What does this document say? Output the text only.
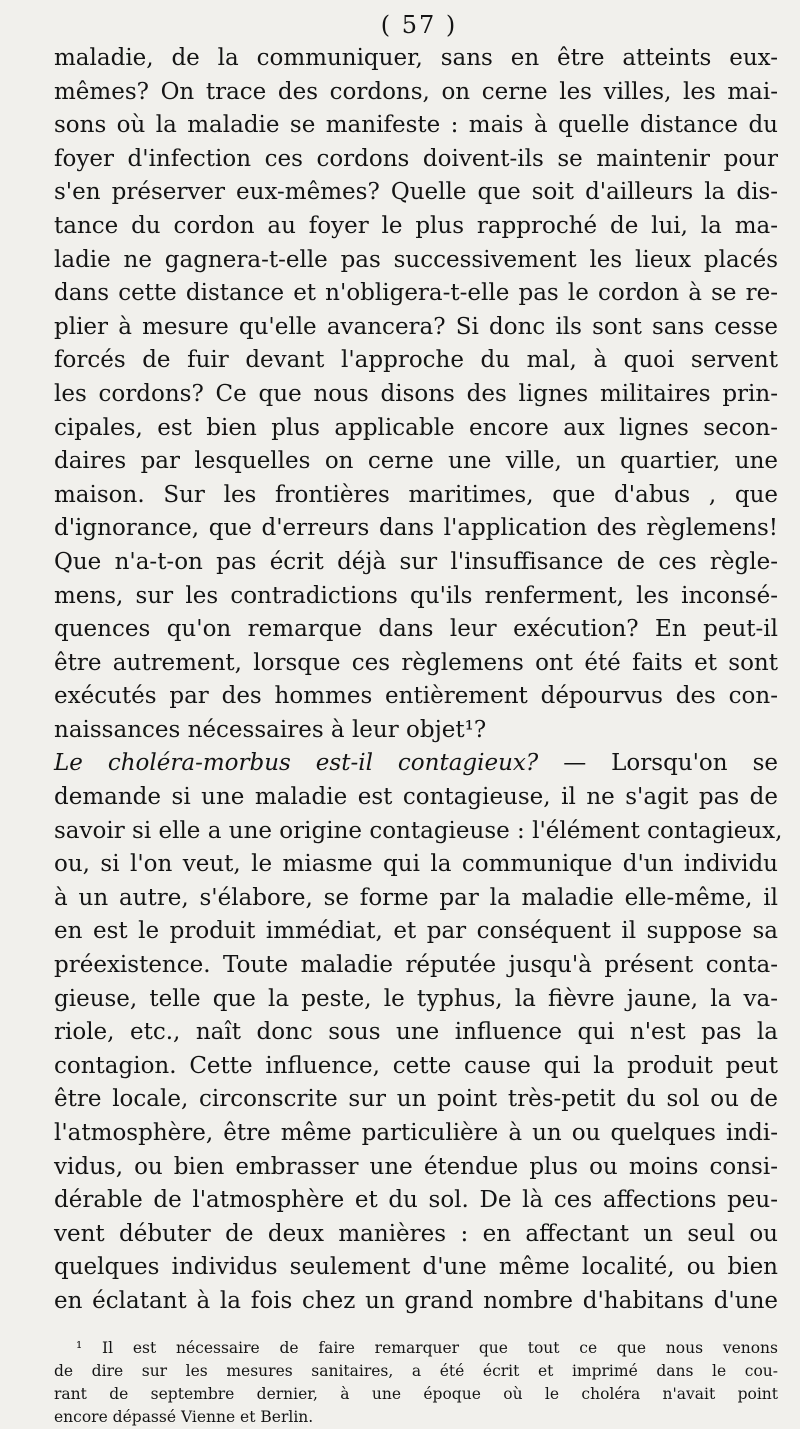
( 57 )
maladie, de la communiquer, sans en être atteints eux-
mêmes? On trace des cordons, on cerne les villes, les mai-
sons où la maladie se manifeste : mais à quelle distance du
foyer d'infection ces cordons doivent-ils se maintenir pour
s'en préserver eux-mêmes? Quelle que soit d'ailleurs la dis-
tance du cordon au foyer le plus rapproché de lui, la ma-
ladie ne gagnera-t-elle pas successivement les lieux placés
dans cette distance et n'obligera-t-elle pas le cordon à se re-
plier à mesure qu'elle avancera? Si donc ils sont sans cesse
forcés de fuir devant l'approche du mal, à quoi servent
les cordons? Ce que nous disons des lignes militaires prin-
cipales, est bien plus applicable encore aux lignes secon-
daires par lesquelles on cerne une ville, un quartier, une
maison. Sur les frontières maritimes, que d'abus , que
d'ignorance, que d'erreurs dans l'application des règlemens!
Que n'a-t-on pas écrit déjà sur l'insuffisance de ces règle-
mens, sur les contradictions qu'ils renferment, les inconsé-
quences qu'on remarque dans leur exécution? En peut-il
être autrement, lorsque ces règlemens ont été faits et sont
exécutés par des hommes entièrement dépourvus des con-
naissances nécessaires à leur objet¹?
Le choléra-morbus est-il contagieux? — Lorsqu'on se
demande si une maladie est contagieuse, il ne s'agit pas de
savoir si elle a une origine contagieuse : l'élément contagieux,
ou, si l'on veut, le miasme qui la communique d'un individu
à un autre, s'élabore, se forme par la maladie elle-même, il
en est le produit immédiat, et par conséquent il suppose sa
préexistence. Toute maladie réputée jusqu'à présent conta-
gieuse, telle que la peste, le typhus, la fièvre jaune, la va-
riole, etc., naît donc sous une influence qui n'est pas la
contagion. Cette influence, cette cause qui la produit peut
être locale, circonscrite sur un point très-petit du sol ou de
l'atmosphère, être même particulière à un ou quelques indi-
vidus, ou bien embrasser une étendue plus ou moins consi-
dérable de l'atmosphère et du sol. De là ces affections peu-
vent débuter de deux manières : en affectant un seul ou
quelques individus seulement d'une même localité, ou bien
en éclatant à la fois chez un grand nombre d'habitans d'une
¹ Il est nécessaire de faire remarquer que tout ce que nous venons
de dire sur les mesures sanitaires, a été écrit et imprimé dans le cou-
rant de septembre dernier, à une époque où le choléra n'avait point
encore dépassé Vienne et Berlin.
